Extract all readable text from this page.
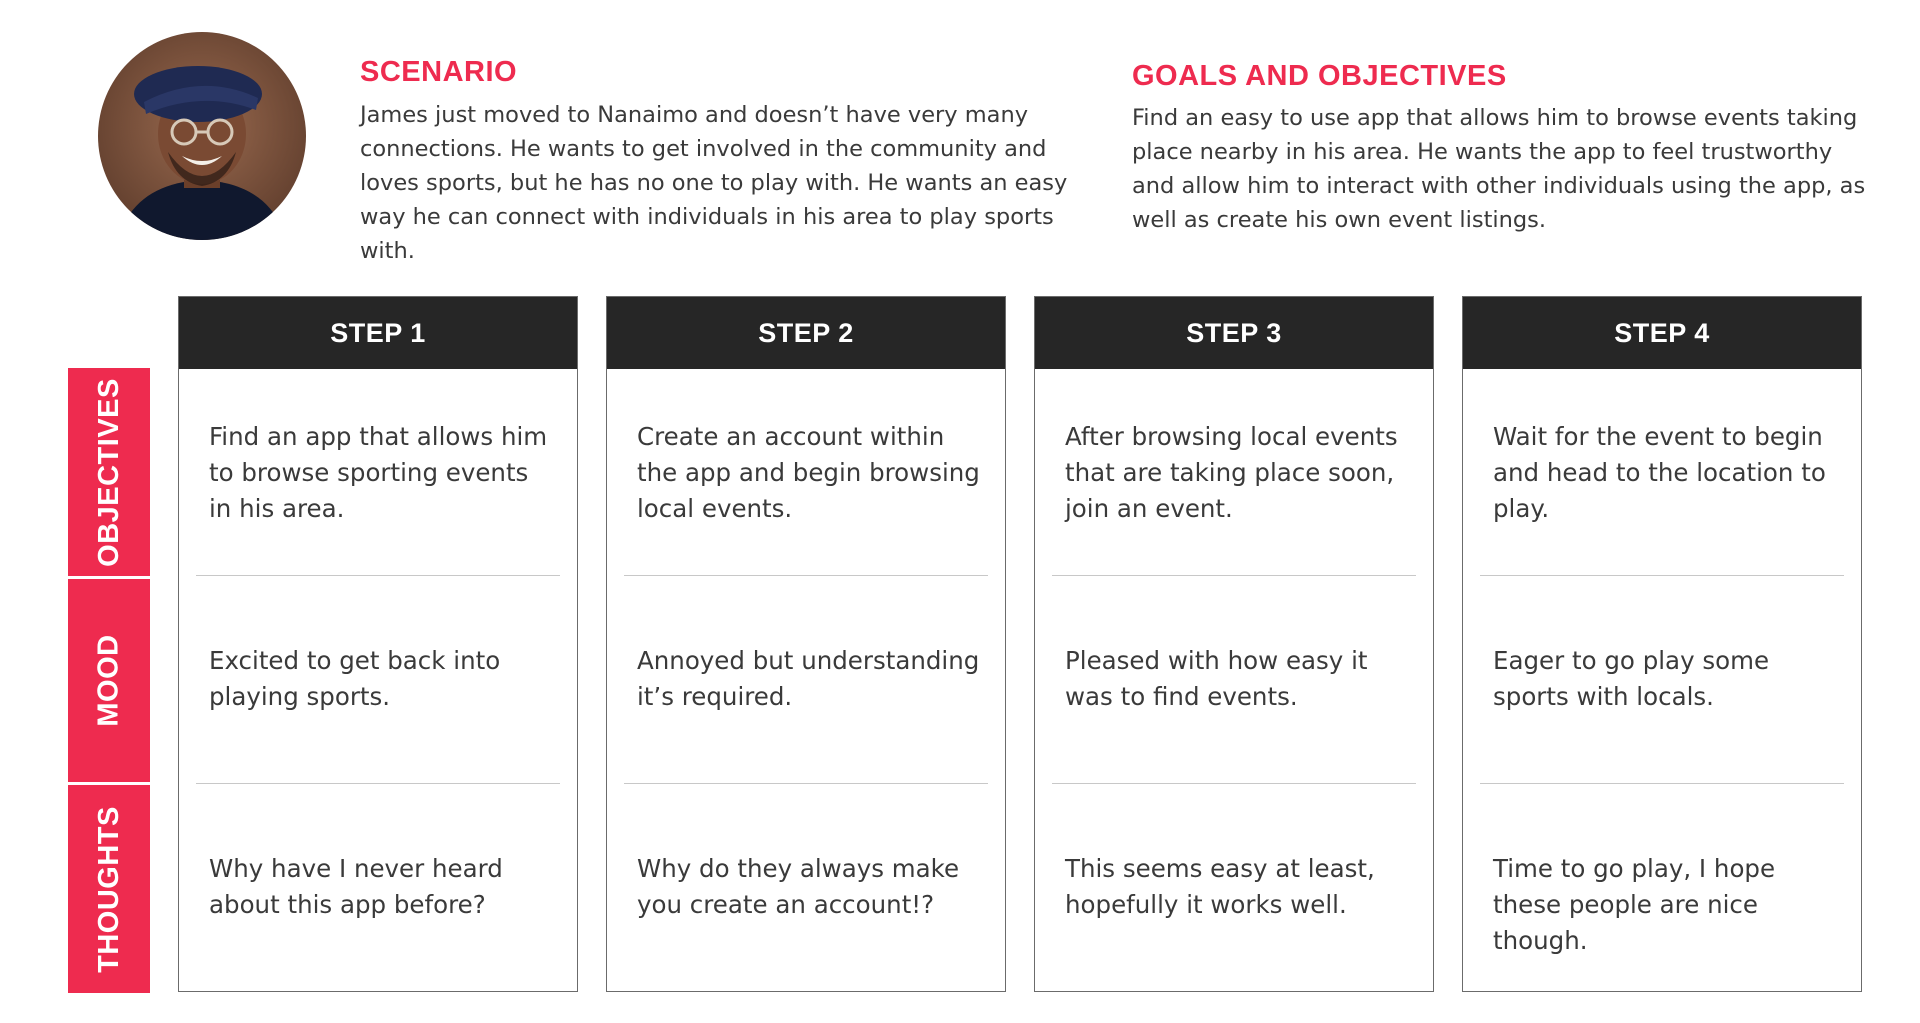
SCENARIO

James just moved to Nanaimo and doesn’t have very many connections. He wants to get involved in the community and loves sports, but he has no one to play with. He wants an easy way he can connect with individuals in his area to play sports with.

GOALS AND OBJECTIVES

Find an easy to use app that allows him to browse events taking place nearby in his area. He wants the app to feel trustworthy and allow him to interact with other individuals using the app, as well as create his own event listings.

OBJECTIVES
MOOD
THOUGHTS
STEP 1

Find an app that allows him to browse sporting events in his area.

Excited to get back into playing sports.

Why have I never heard about this app before?

STEP 2

Create an account within the app and begin browsing local events.

Annoyed but understanding it’s required.

Why do they always make you create an account!?

STEP 3

After browsing local events that are taking place soon, join an event.

Pleased with how easy it was to find events.

This seems easy at least, hopefully it works well.

STEP 4

Wait for the event to begin and head to the location to play.

Eager to go play some sports with locals.

Time to go play, I hope these people are nice though.
